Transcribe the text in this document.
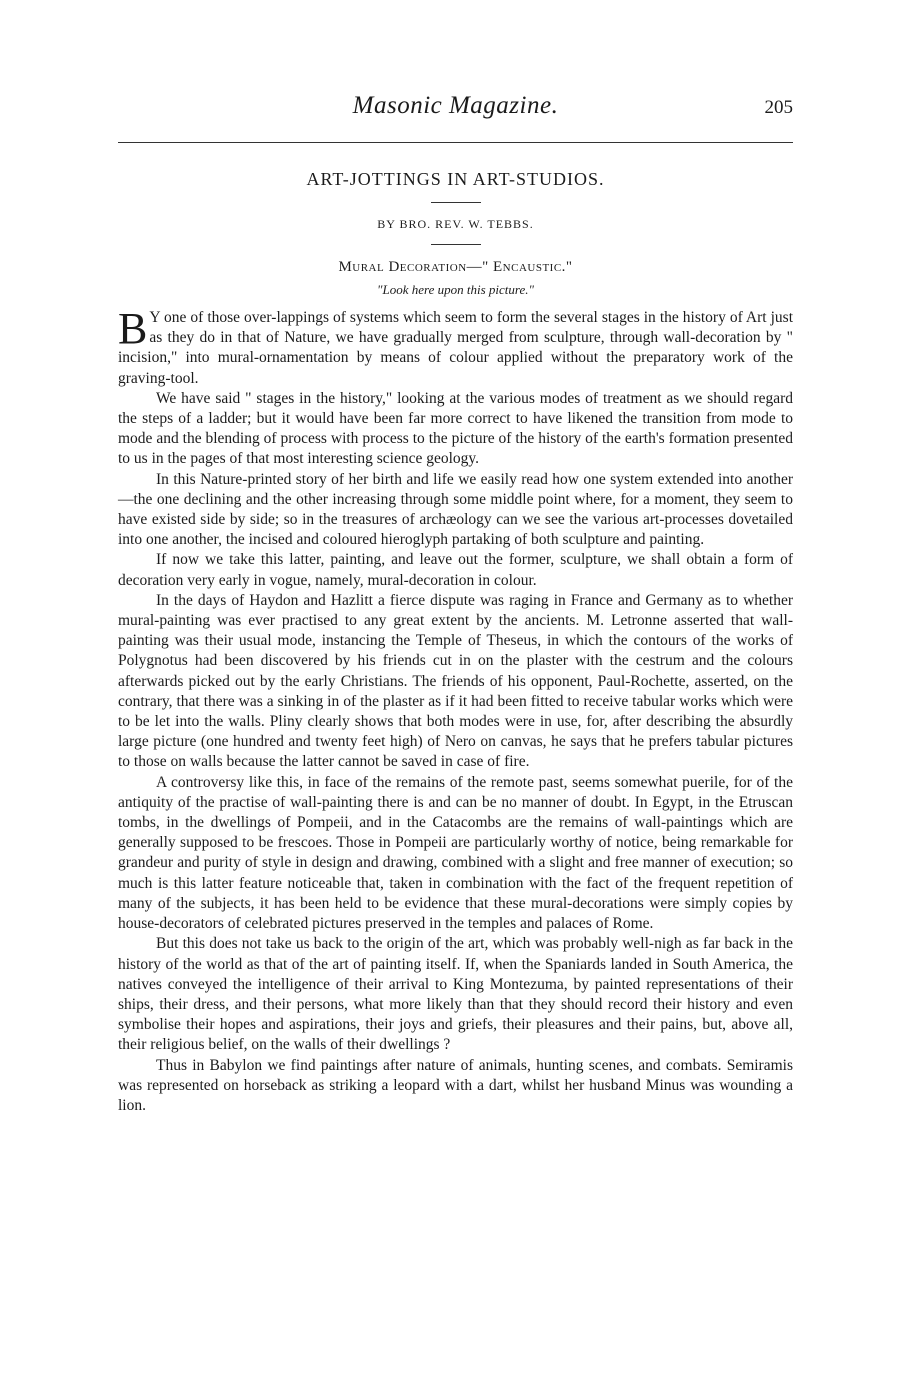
Masonic Magazine.	205
ART-JOTTINGS IN ART-STUDIOS.
BY BRO. REV. W. TEBBS.
Mural Decoration—" Encaustic."
"Look here upon this picture."

B Y one of those over-lappings of systems which seem to form the several stages in the history of Art just as they do in that of Nature, we have gradually merged from sculpture, through wall-decoration by " incision," into mural-ornamentation by means of colour applied without the preparatory work of the graving-tool.

We have said " stages in the history," looking at the various modes of treatment as we should regard the steps of a ladder; but it would have been far more correct to have likened the transition from mode to mode and the blending of process with process to the picture of the history of the earth's formation presented to us in the pages of that most interesting science geology.

In this Nature-printed story of her birth and life we easily read how one system extended into another—the one declining and the other increasing through some middle point where, for a moment, they seem to have existed side by side; so in the treasures of archæology can we see the various art-processes dovetailed into one another, the incised and coloured hieroglyph partaking of both sculpture and painting.

If now we take this latter, painting, and leave out the former, sculpture, we shall obtain a form of decoration very early in vogue, namely, mural-decoration in colour.

In the days of Haydon and Hazlitt a fierce dispute was raging in France and Germany as to whether mural-painting was ever practised to any great extent by the ancients. M. Letronne asserted that wall-painting was their usual mode, instancing the Temple of Theseus, in which the contours of the works of Polygnotus had been discovered by his friends cut in on the plaster with the cestrum and the colours afterwards picked out by the early Christians. The friends of his opponent, Paul-Rochette, asserted, on the contrary, that there was a sinking in of the plaster as if it had been fitted to receive tabular works which were to be let into the walls. Pliny clearly shows that both modes were in use, for, after describing the absurdly large picture (one hundred and twenty feet high) of Nero on canvas, he says that he prefers tabular pictures to those on walls because the latter cannot be saved in case of fire.

A controversy like this, in face of the remains of the remote past, seems somewhat puerile, for of the antiquity of the practise of wall-painting there is and can be no manner of doubt. In Egypt, in the Etruscan tombs, in the dwellings of Pompeii, and in the Catacombs are the remains of wall-paintings which are generally supposed to be frescoes. Those in Pompeii are particularly worthy of notice, being remarkable for grandeur and purity of style in design and drawing, combined with a slight and free manner of execution; so much is this latter feature noticeable that, taken in combination with the fact of the frequent repetition of many of the subjects, it has been held to be evidence that these mural-decorations were simply copies by house-decorators of celebrated pictures preserved in the temples and palaces of Rome.

But this does not take us back to the origin of the art, which was probably well-nigh as far back in the history of the world as that of the art of painting itself. If, when the Spaniards landed in South America, the natives conveyed the intelligence of their arrival to King Montezuma, by painted representations of their ships, their dress, and their persons, what more likely than that they should record their history and even symbolise their hopes and aspirations, their joys and griefs, their pleasures and their pains, but, above all, their religious belief, on the walls of their dwellings ?

Thus in Babylon we find paintings after nature of animals, hunting scenes, and combats. Semiramis was represented on horseback as striking a leopard with a dart, whilst her husband Minus was wounding a lion.
